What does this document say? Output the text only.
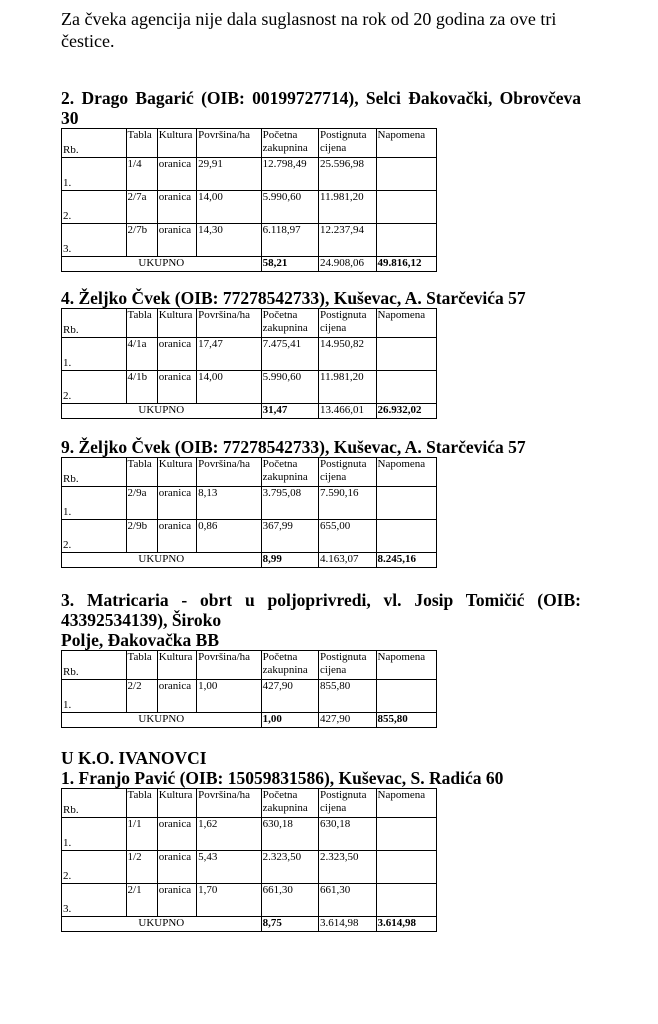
Za čveka agencija nije dala suglasnost na rok od 20 godina za ove tri čestice.

2. Drago Bagarić (OIB: 00199727714), Selci Đakovački, Obrovčeva 30

Rb.	Tabla	Kultura	Površina/ha	Početna zakupnina	Postignuta cijena	Napomena
1.	1/4	oranica	29,91	12.798,49	25.596,98	
2.	2/7a	oranica	14,00	5.990,60	11.981,20	
3.	2/7b	oranica	14,30	6.118,97	12.237,94	
UKUPNO				58,21	24.908,06	49.816,12

4. Željko Čvek (OIB: 77278542733), Kuševac, A. Starčevića 57

Rb.	Tabla	Kultura	Površina/ha	Početna zakupnina	Postignuta cijena	Napomena
1.	4/1a	oranica	17,47	7.475,41	14.950,82	
2.	4/1b	oranica	14,00	5.990,60	11.981,20	
UKUPNO				31,47	13.466,01	26.932,02

9. Željko Čvek (OIB: 77278542733), Kuševac, A. Starčevića 57

Rb.	Tabla	Kultura	Površina/ha	Početna zakupnina	Postignuta cijena	Napomena
1.	2/9a	oranica	8,13	3.795,08	7.590,16	
2.	2/9b	oranica	0,86	367,99	655,00	
UKUPNO				8,99	4.163,07	8.245,16

3. Matricaria - obrt u poljoprivredi, vl. Josip Tomičić (OIB: 43392534139), Široko

Polje, Đakovačka BB

Rb.	Tabla	Kultura	Površina/ha	Početna zakupnina	Postignuta cijena	Napomena
1.	2/2	oranica	1,00	427,90	855,80	
UKUPNO				1,00	427,90	855,80

U K.O. IVANOVCI

1. Franjo Pavić (OIB: 15059831586), Kuševac, S. Radića 60

Rb.	Tabla	Kultura	Površina/ha	Početna zakupnina	Postignuta cijena	Napomena
1.	1/1	oranica	1,62	630,18	630,18	
2.	1/2	oranica	5,43	2.323,50	2.323,50	
3.	2/1	oranica	1,70	661,30	661,30	
UKUPNO				8,75	3.614,98	3.614,98
